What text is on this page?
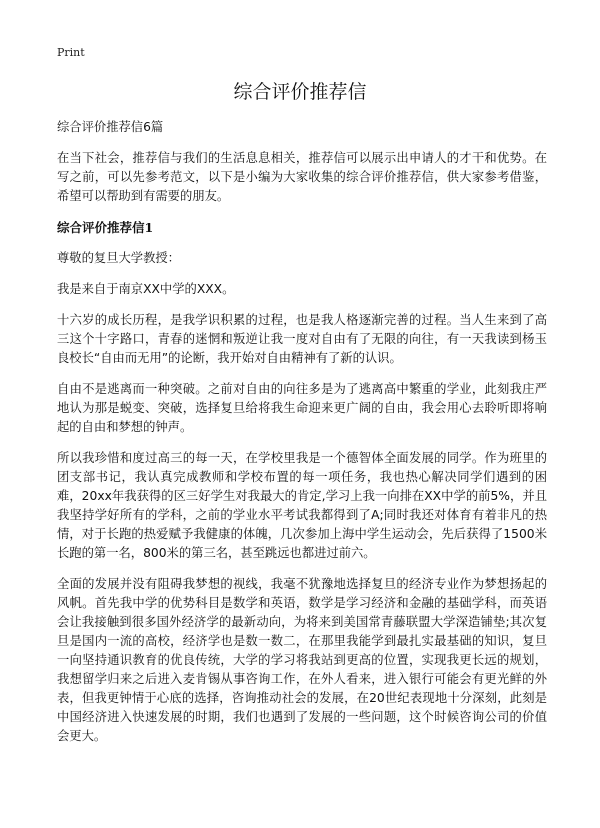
Print
综合评价推荐信

综合评价推荐信6篇

在当下社会，推荐信与我们的生活息息相关，推荐信可以展示出申请人的才干和优势。在写之前，可以先参考范文，以下是小编为大家收集的综合评价推荐信，供大家参考借鉴，希望可以帮助到有需要的朋友。

综合评价推荐信1

尊敬的复旦大学教授：

我是来自于南京XX中学的XXX。

十六岁的成长历程，是我学识积累的过程，也是我人格逐渐完善的过程。当人生来到了高三这个十字路口，青春的迷惘和叛逆让我一度对自由有了无限的向往，有一天我读到杨玉良校长“自由而无用”的论断，我开始对自由精神有了新的认识。

自由不是逃离而一种突破。之前对自由的向往多是为了逃离高中繁重的学业，此刻我庄严地认为那是蜕变、突破，选择复旦给将我生命迎来更广阔的自由，我会用心去聆听即将响起的自由和梦想的钟声。

所以我珍惜和度过高三的每一天，在学校里我是一个德智体全面发展的同学。作为班里的团支部书记，我认真完成教师和学校布置的每一项任务，我也热心解决同学们遇到的困难，20xx年我获得的区三好学生对我最大的肯定,学习上我一向排在XX中学的前5%，并且我坚持学好所有的学科，之前的学业水平考试我都得到了A;同时我还对体育有着非凡的热情，对于长跑的热爱赋予我健康的体魄，几次参加上海中学生运动会，先后获得了1500米长跑的第一名，800米的第三名，甚至跳远也都进过前六。

全面的发展并没有阻碍我梦想的视线，我毫不犹豫地选择复旦的经济专业作为梦想扬起的风帆。首先我中学的优势科目是数学和英语，数学是学习经济和金融的基础学科，而英语会让我接触到很多国外经济学的最新动向，为将来到美国常青藤联盟大学深造铺垫;其次复旦是国内一流的高校，经济学也是数一数二，在那里我能学到最扎实最基础的知识，复旦一向坚持通识教育的优良传统，大学的学习将我站到更高的位置，实现我更长远的规划，我想留学归来之后进入麦肯锡从事咨询工作，在外人看来，进入银行可能会有更光鲜的外表，但我更钟情于心底的选择，咨询推动社会的发展，在20世纪表现地十分深刻，此刻是中国经济进入快速发展的时期，我们也遇到了发展的一些问题，这个时候咨询公司的价值会更大。
